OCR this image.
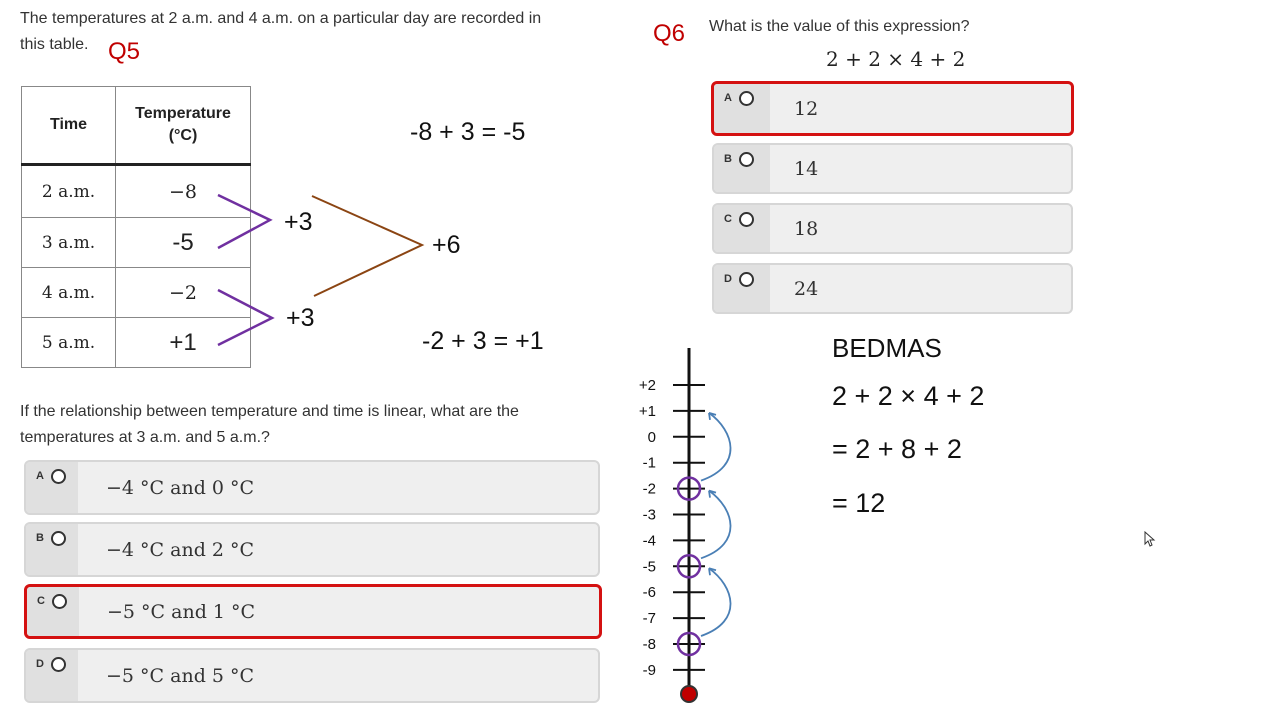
The temperatures at 2 a.m. and 4 a.m. on a particular day are recorded in
this table. Q5
Time	Temperature
(°C)

2 a.m.	−8
3 a.m.	-5
4 a.m.	−2
5 a.m.	+1
-8 + 3 = -5
+3
+6
+3
-2 + 3 = +1
If the relationship between temperature and time is linear, what are the
temperatures at 3 a.m. and 5 a.m.?
A
−4 °C and 0 °C
B
−4 °C and 2 °C
C	−5 °C and 1 °C
D
−5 °C and 5 °C
Q6 What is the value of this expression?
2 + 2 × 4 + 2
A	12
B	14
C	18
D	24
BEDMAS
2 + 2 × 4 + 2
= 2 + 8 + 2
= 12
+2
+1
0
-1
-2
-3
-4
-5
-6
-7
-8
-9
